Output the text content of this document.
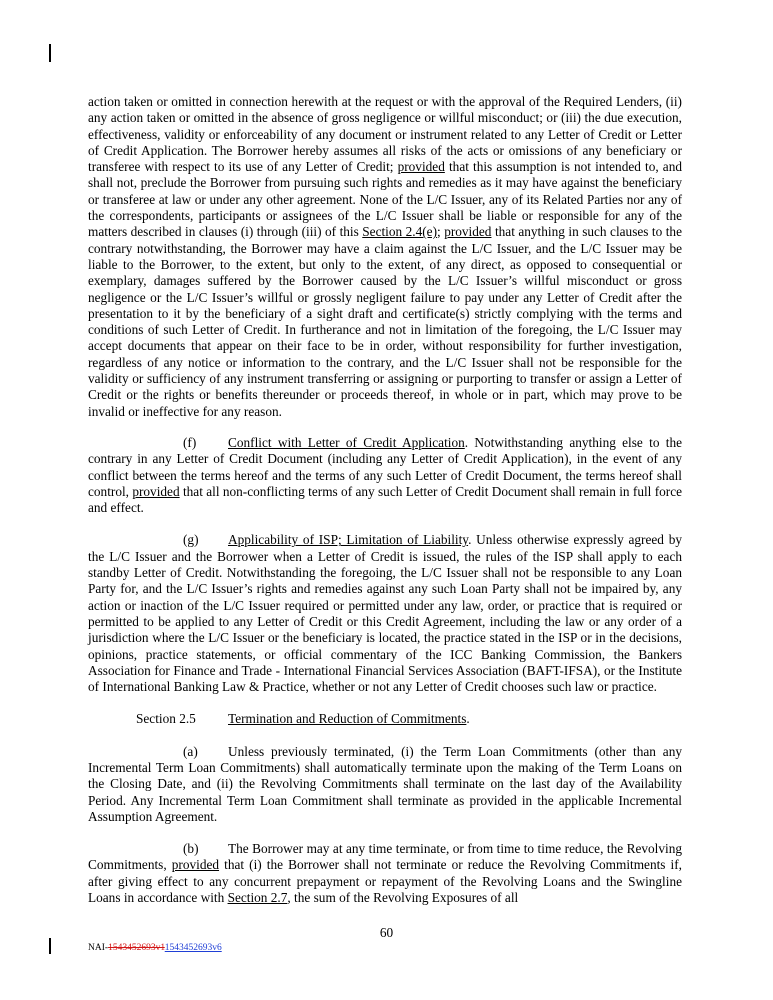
action taken or omitted in connection herewith at the request or with the approval of the Required Lenders, (ii) any action taken or omitted in the absence of gross negligence or willful misconduct; or (iii) the due execution, effectiveness, validity or enforceability of any document or instrument related to any Letter of Credit or Letter of Credit Application. The Borrower hereby assumes all risks of the acts or omissions of any beneficiary or transferee with respect to its use of any Letter of Credit; provided that this assumption is not intended to, and shall not, preclude the Borrower from pursuing such rights and remedies as it may have against the beneficiary or transferee at law or under any other agreement. None of the L/C Issuer, any of its Related Parties nor any of the correspondents, participants or assignees of the L/C Issuer shall be liable or responsible for any of the matters described in clauses (i) through (iii) of this Section 2.4(e); provided that anything in such clauses to the contrary notwithstanding, the Borrower may have a claim against the L/C Issuer, and the L/C Issuer may be liable to the Borrower, to the extent, but only to the extent, of any direct, as opposed to consequential or exemplary, damages suffered by the Borrower caused by the L/C Issuer’s willful misconduct or gross negligence or the L/C Issuer’s willful or grossly negligent failure to pay under any Letter of Credit after the presentation to it by the beneficiary of a sight draft and certificate(s) strictly complying with the terms and conditions of such Letter of Credit. In furtherance and not in limitation of the foregoing, the L/C Issuer may accept documents that appear on their face to be in order, without responsibility for further investigation, regardless of any notice or information to the contrary, and the L/C Issuer shall not be responsible for the validity or sufficiency of any instrument transferring or assigning or purporting to transfer or assign a Letter of Credit or the rights or benefits thereunder or proceeds thereof, in whole or in part, which may prove to be invalid or ineffective for any reason.

(f) Conflict with Letter of Credit Application. Notwithstanding anything else to the contrary in any Letter of Credit Document (including any Letter of Credit Application), in the event of any conflict between the terms hereof and the terms of any such Letter of Credit Document, the terms hereof shall control, provided that all non-conflicting terms of any such Letter of Credit Document shall remain in full force and effect.

(g) Applicability of ISP; Limitation of Liability. Unless otherwise expressly agreed by the L/C Issuer and the Borrower when a Letter of Credit is issued, the rules of the ISP shall apply to each standby Letter of Credit. Notwithstanding the foregoing, the L/C Issuer shall not be responsible to any Loan Party for, and the L/C Issuer’s rights and remedies against any such Loan Party shall not be impaired by, any action or inaction of the L/C Issuer required or permitted under any law, order, or practice that is required or permitted to be applied to any Letter of Credit or this Credit Agreement, including the law or any order of a jurisdiction where the L/C Issuer or the beneficiary is located, the practice stated in the ISP or in the decisions, opinions, practice statements, or official commentary of the ICC Banking Commission, the Bankers Association for Finance and Trade - International Financial Services Association (BAFT-IFSA), or the Institute of International Banking Law & Practice, whether or not any Letter of Credit chooses such law or practice.

Section 2.5 Termination and Reduction of Commitments.

(a) Unless previously terminated, (i) the Term Loan Commitments (other than any Incremental Term Loan Commitments) shall automatically terminate upon the making of the Term Loans on the Closing Date, and (ii) the Revolving Commitments shall terminate on the last day of the Availability Period. Any Incremental Term Loan Commitment shall terminate as provided in the applicable Incremental Assumption Agreement.

(b) The Borrower may at any time terminate, or from time to time reduce, the Revolving Commitments, provided that (i) the Borrower shall not terminate or reduce the Revolving Commitments if, after giving effect to any concurrent prepayment or repayment of the Revolving Loans and the Swingline Loans in accordance with Section 2.7, the sum of the Revolving Exposures of all

60
NAI-1543452693v11543452693v6
